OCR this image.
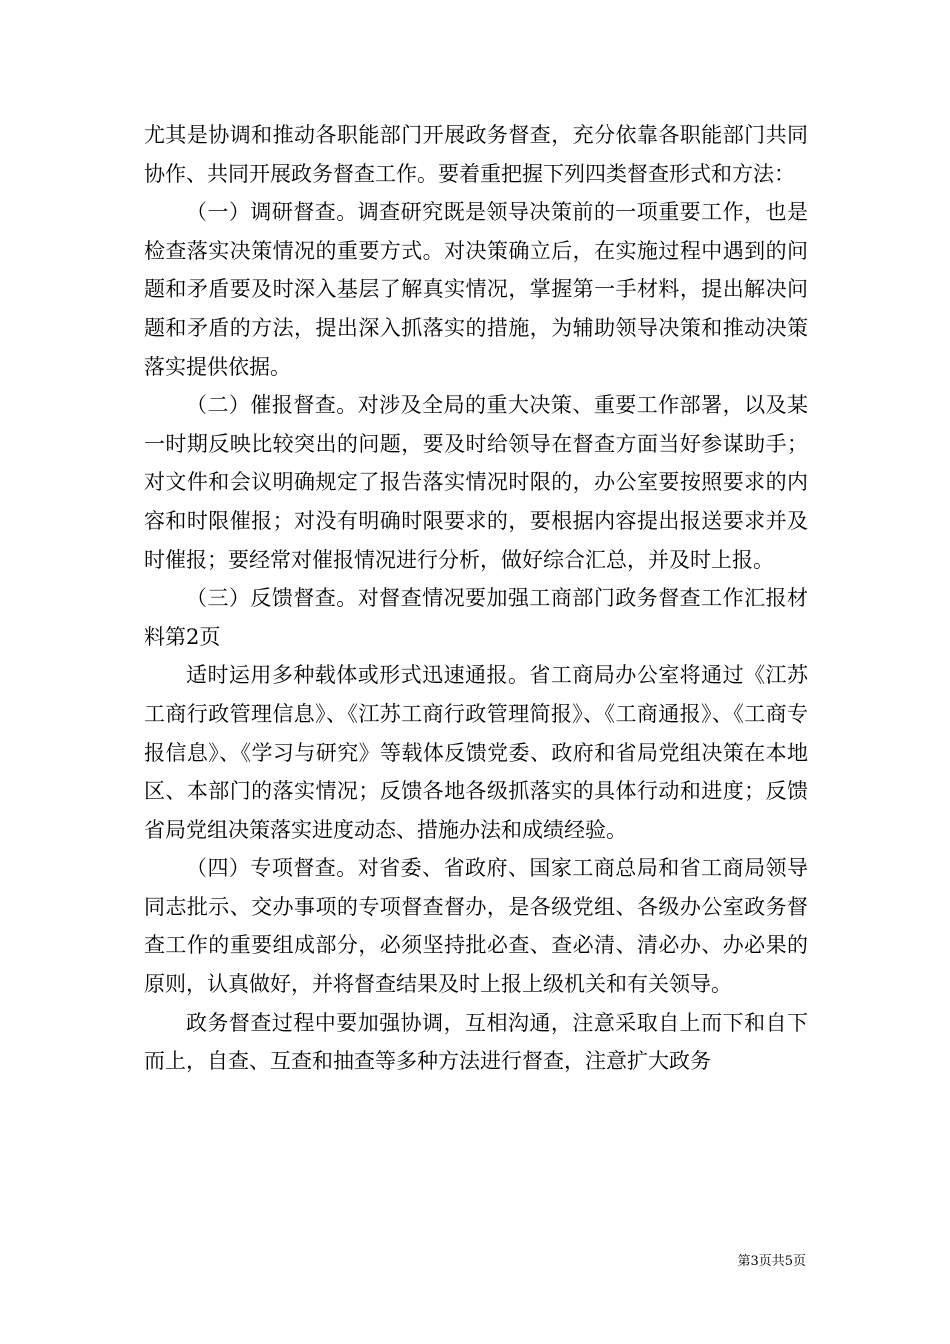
尤其是协调和推动各职能部门开展政务督查，充分依靠各职能部门共同协作、共同开展政务督查工作。要着重把握下列四类督查形式和方法：

（一）调研督查。调查研究既是领导决策前的一项重要工作，也是检查落实决策情况的重要方式。对决策确立后，在实施过程中遇到的问题和矛盾要及时深入基层了解真实情况，掌握第一手材料，提出解决问题和矛盾的方法，提出深入抓落实的措施，为辅助领导决策和推动决策落实提供依据。

（二）催报督查。对涉及全局的重大决策、重要工作部署，以及某一时期反映比较突出的问题，要及时给领导在督查方面当好参谋助手；对文件和会议明确规定了报告落实情况时限的，办公室要按照要求的内容和时限催报；对没有明确时限要求的，要根据内容提出报送要求并及时催报；要经常对催报情况进行分析，做好综合汇总，并及时上报。

（三）反馈督查。对督查情况要加强工商部门政务督查工作汇报材料第2页

适时运用多种载体或形式迅速通报。省工商局办公室将通过《江苏工商行政管理信息》、《江苏工商行政管理简报》、《工商通报》、《工商专报信息》、《学习与研究》等载体反馈党委、政府和省局党组决策在本地区、本部门的落实情况；反馈各地各级抓落实的具体行动和进度；反馈省局党组决策落实进度动态、措施办法和成绩经验。

（四）专项督查。对省委、省政府、国家工商总局和省工商局领导同志批示、交办事项的专项督查督办，是各级党组、各级办公室政务督查工作的重要组成部分，必须坚持批必查、查必清、清必办、办必果的原则，认真做好，并将督查结果及时上报上级机关和有关领导。

政务督查过程中要加强协调，互相沟通，注意采取自上而下和自下而上，自查、互查和抽查等多种方法进行督查，注意扩大政务

第3页共5页
